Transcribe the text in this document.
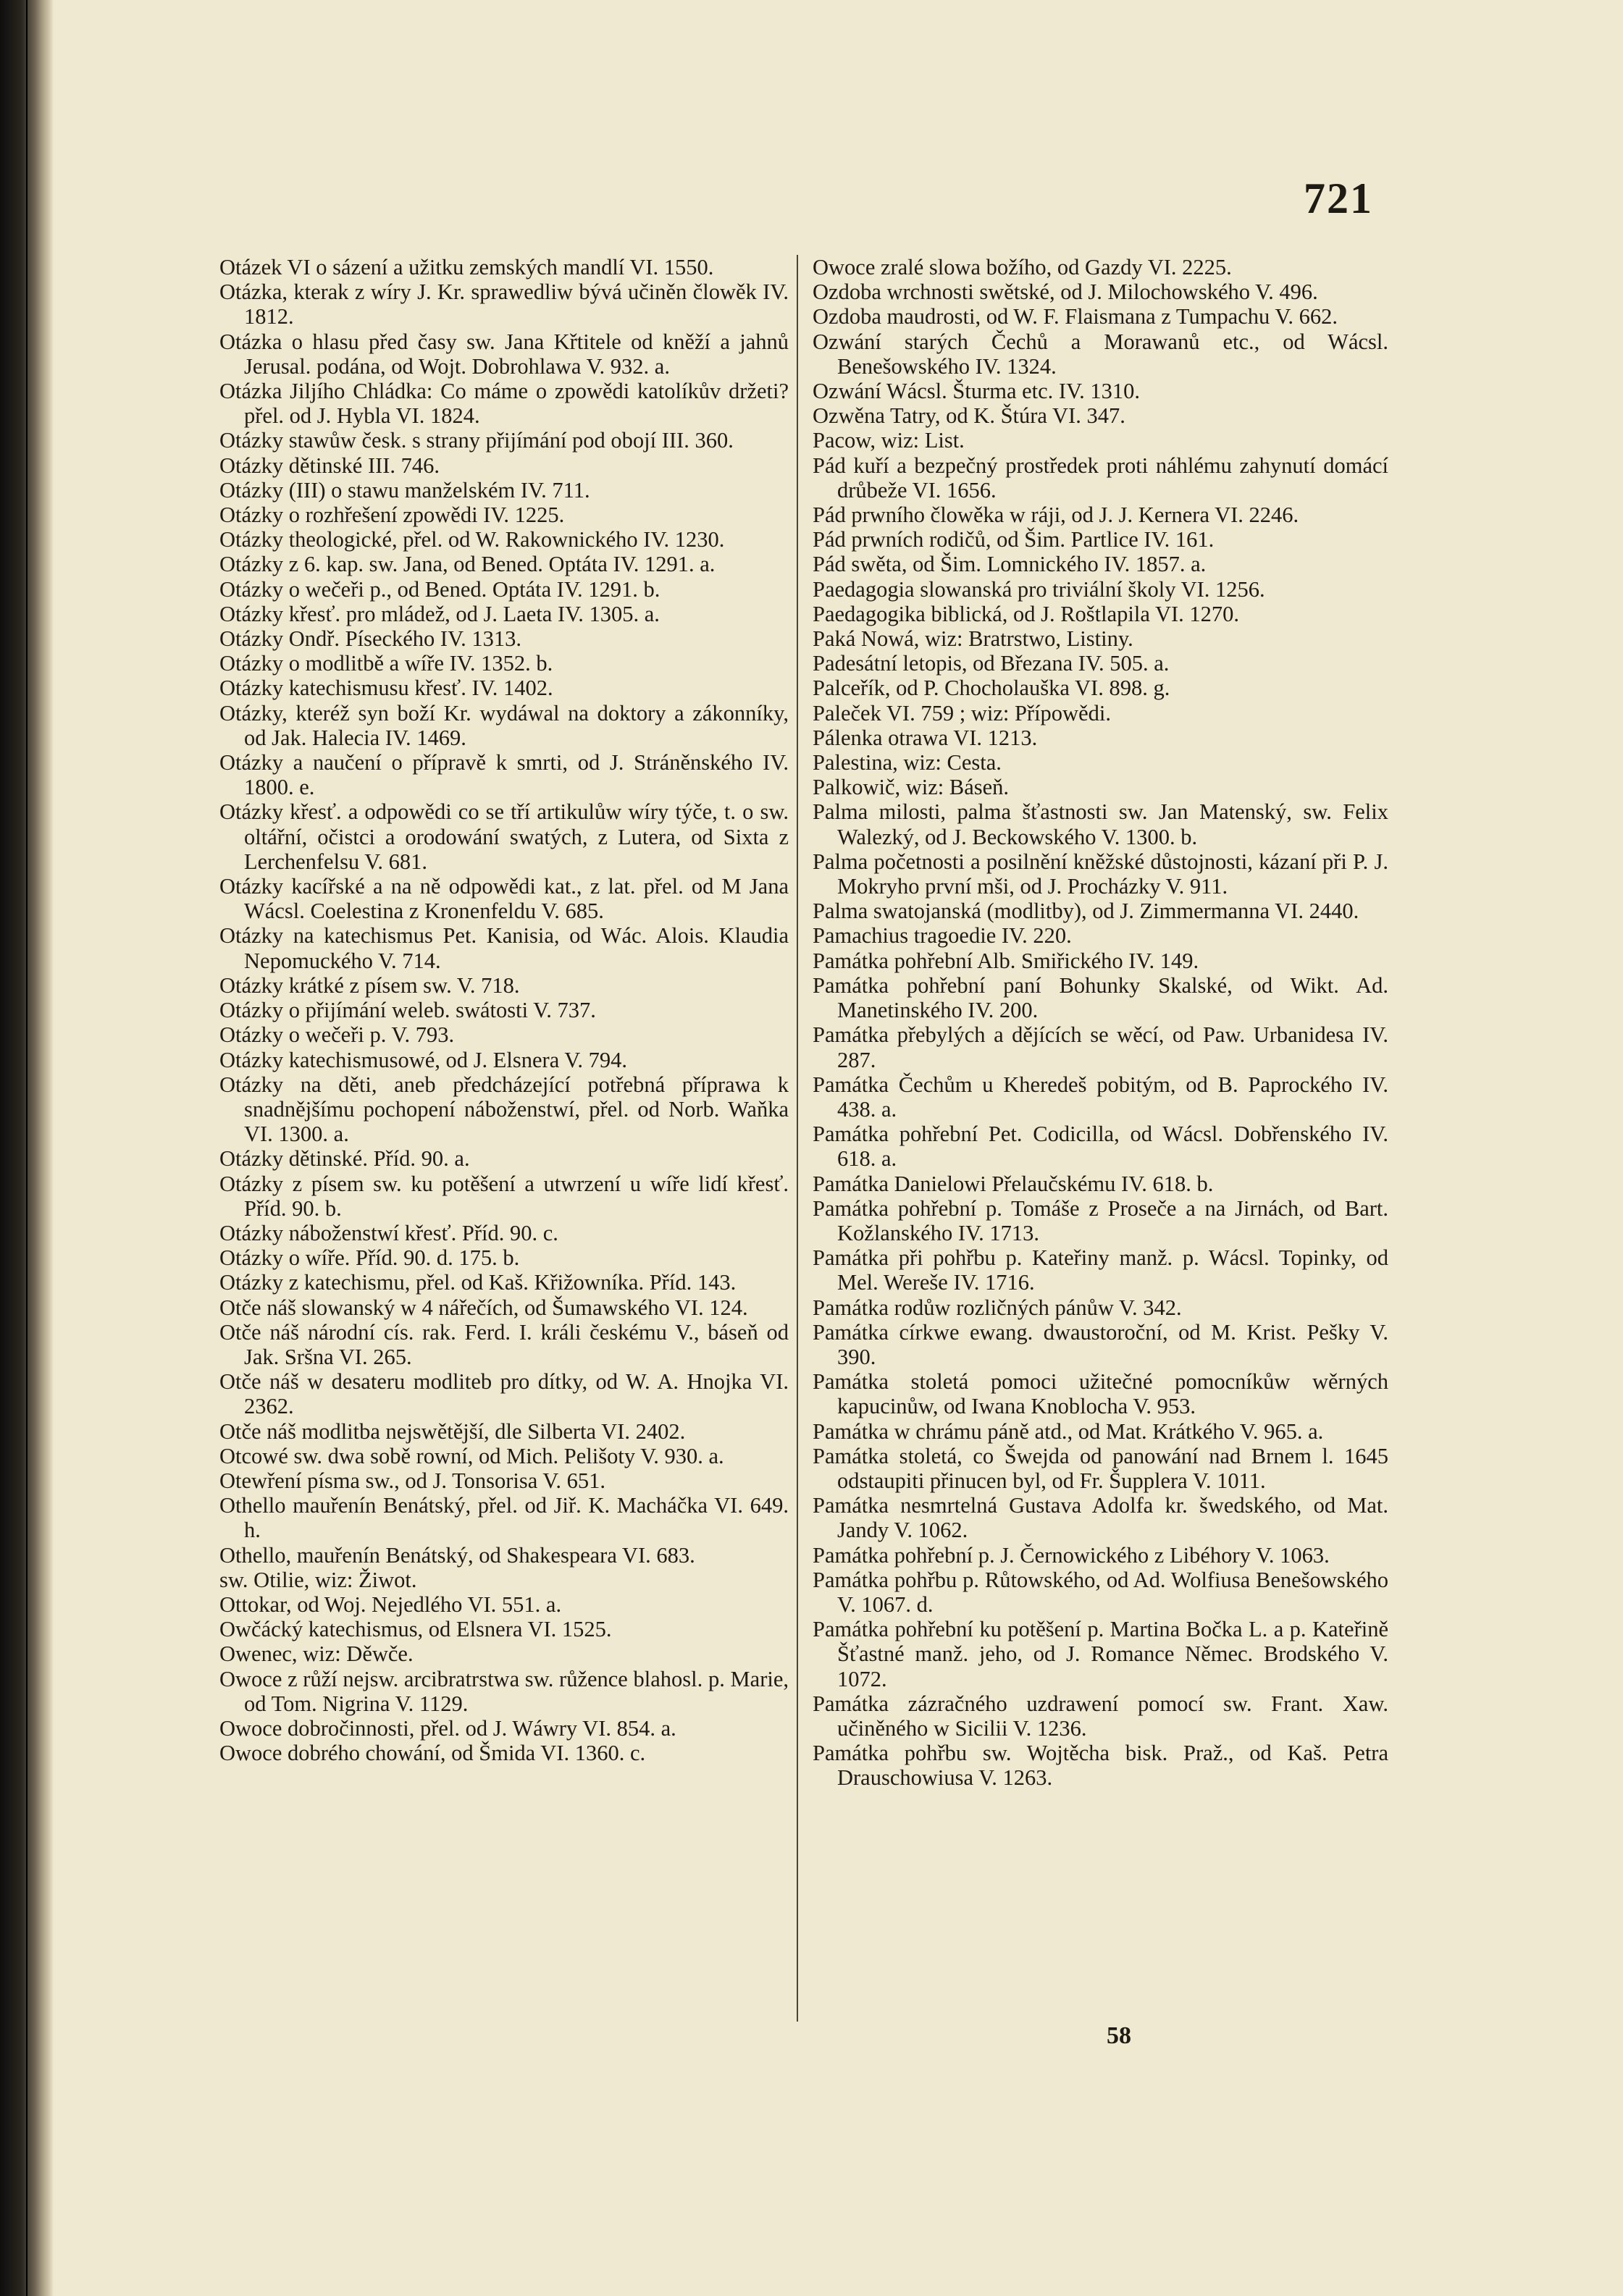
721
Otázek VI o sázení a užitku zemských mandlí VI. 1550.
Otázka, kterak z wíry J. Kr. sprawedliw bývá učiněn člowěk IV. 1812.
Otázka o hlasu před časy sw. Jana Křtitele od kněží a jahnů Jerusal. podána, od Wojt. Dobrohlawa V. 932. a.
Otázka Jiljího Chládka: Co máme o zpowědi katolíkův držeti? přel. od J. Hybla VI. 1824.
Otázky stawůw česk. s strany přijímání pod obojí III. 360.
Otázky dětinské III. 746.
Otázky (III) o stawu manželském IV. 711.
Otázky o rozhřešení zpowědi IV. 1225.
Otázky theologické, přel. od W. Rakownického IV. 1230.
Otázky z 6. kap. sw. Jana, od Bened. Optáta IV. 1291. a.
Otázky o wečeři p., od Bened. Optáta IV. 1291. b.
Otázky křesť. pro mládež, od J. Laeta IV. 1305. a.
Otázky Ondř. Píseckého IV. 1313.
Otázky o modlitbě a wíře IV. 1352. b.
Otázky katechismusu křesť. IV. 1402.
Otázky, kteréž syn boží Kr. wydáwal na doktory a zákonníky, od Jak. Halecia IV. 1469.
Otázky a naučení o přípravě k smrti, od J. Stráněnského IV. 1800. e.
Otázky křesť. a odpowědi co se tří artikulůw wíry týče, t. o sw. oltářní, očistci a orodowání swatých, z Lutera, od Sixta z Lerchenfelsu V. 681.
Otázky kacířské a na ně odpowědi kat., z lat. přel. od M Jana Wácsl. Coelestina z Kronenfeldu V. 685.
Otázky na katechismus Pet. Kanisia, od Wác. Alois. Klaudia Nepomuckého V. 714.
Otázky krátké z písem sw. V. 718.
Otázky o přijímání weleb. swátosti V. 737.
Otázky o wečeři p. V. 793.
Otázky katechismusowé, od J. Elsnera V. 794.
Otázky na děti, aneb předcházející potřebná příprawa k snadnějšímu pochopení náboženstwí, přel. od Norb. Waňka VI. 1300. a.
Otázky dětinské. Příd. 90. a.
Otázky z písem sw. ku potěšení a utwrzení u wíře lidí křesť. Příd. 90. b.
Otázky náboženstwí křesť. Příd. 90. c.
Otázky o wíře. Příd. 90. d. 175. b.
Otázky z katechismu, přel. od Kaš. Křižowníka. Příd. 143.
Otče náš slowanský w 4 nářečích, od Šumawského VI. 124.
Otče náš národní cís. rak. Ferd. I. králi českému V., báseň od Jak. Sršna VI. 265.
Otče náš w desateru modliteb pro dítky, od W. A. Hnojka VI. 2362.
Otče náš modlitba nejswětější, dle Silberta VI. 2402.
Otcowé sw. dwa sobě rowní, od Mich. Pelišoty V. 930. a.
Otewření písma sw., od J. Tonsorisa V. 651.
Othello mauřenín Benátský, přel. od Jiř. K. Macháčka VI. 649. h.
Othello, mauřenín Benátský, od Shakespeara VI. 683.
sw. Otilie, wiz: Žiwot.
Ottokar, od Woj. Nejedlého VI. 551. a.
Owčácký katechismus, od Elsnera VI. 1525.
Owenec, wiz: Děwče.
Owoce z růží nejsw. arcibratrstwa sw. růžence blahosl. p. Marie, od Tom. Nigrina V. 1129.
Owoce dobročinnosti, přel. od J. Wáwry VI. 854. a.
Owoce dobrého chowání, od Šmida VI. 1360. c.
Owoce zralé slowa božího, od Gazdy VI. 2225.
Ozdoba wrchnosti swětské, od J. Milochowského V. 496.
Ozdoba maudrosti, od W. F. Flaismana z Tumpachu V. 662.
Ozwání starých Čechů a Morawanů etc., od Wácsl. Benešowského IV. 1324.
Ozwání Wácsl. Šturma etc. IV. 1310.
Ozwěna Tatry, od K. Štúra VI. 347.
Pacow, wiz: List.
Pád kuří a bezpečný prostředek proti náhlému zahynutí domácí drůbeže VI. 1656.
Pád prwního člowěka w ráji, od J. J. Kernera VI. 2246.
Pád prwních rodičů, od Šim. Partlice IV. 161.
Pád swěta, od Šim. Lomnického IV. 1857. a.
Paedagogia slowanská pro triviální školy VI. 1256.
Paedagogika biblická, od J. Roštlapila VI. 1270.
Paká Nowá, wiz: Bratrstwo, Listiny.
Padesátní letopis, od Březana IV. 505. a.
Palceřík, od P. Chocholauška VI. 898. g.
Paleček VI. 759 ; wiz: Přípowědi.
Pálenka otrawa VI. 1213.
Palestina, wiz: Cesta.
Palkowič, wiz: Báseň.
Palma milosti, palma šťastnosti sw. Jan Matenský, sw. Felix Walezký, od J. Beckowského V. 1300. b.
Palma početnosti a posilnění kněžské důstojnosti, kázaní při P. J. Mokryho první mši, od J. Procházky V. 911.
Palma swatojanská (modlitby), od J. Zimmermanna VI. 2440.
Pamachius tragoedie IV. 220.
Památka pohřební Alb. Smiřického IV. 149.
Památka pohřební paní Bohunky Skalské, od Wikt. Ad. Manetinského IV. 200.
Památka přebylých a dějících se wěcí, od Paw. Urbanidesa IV. 287.
Památka Čechům u Kheredeš pobitým, od B. Paprockého IV. 438. a.
Památka pohřební Pet. Codicilla, od Wácsl. Dobřenského IV. 618. a.
Památka Danielowi Přelaučskému IV. 618. b.
Památka pohřební p. Tomáše z Proseče a na Jirnách, od Bart. Kožlanského IV. 1713.
Památka při pohřbu p. Kateřiny manž. p. Wácsl. Topinky, od Mel. Wereše IV. 1716.
Památka rodůw rozličných pánůw V. 342.
Památka církwe ewang. dwaustoroční, od M. Krist. Pešky V. 390.
Památka stoletá pomoci užitečné pomocníkůw wěrných kapucinůw, od Iwana Knoblocha V. 953.
Památka w chrámu páně atd., od Mat. Krátkého V. 965. a.
Památka stoletá, co Šwejda od panowání nad Brnem l. 1645 odstaupiti přinucen byl, od Fr. Šupplera V. 1011.
Památka nesmrtelná Gustava Adolfa kr. šwedského, od Mat. Jandy V. 1062.
Památka pohřební p. J. Černowického z Libéhory V. 1063.
Památka pohřbu p. Růtowského, od Ad. Wolfiusa Benešowského V. 1067. d.
Památka pohřební ku potěšení p. Martina Bočka L. a p. Kateřině Šťastné manž. jeho, od J. Romance Němec. Brodského V. 1072.
Památka zázračného uzdrawení pomocí sw. Frant. Xaw. učiněného w Sicilii V. 1236.
Památka pohřbu sw. Wojtěcha bisk. Praž., od Kaš. Petra Drauschowiusa V. 1263.
58
